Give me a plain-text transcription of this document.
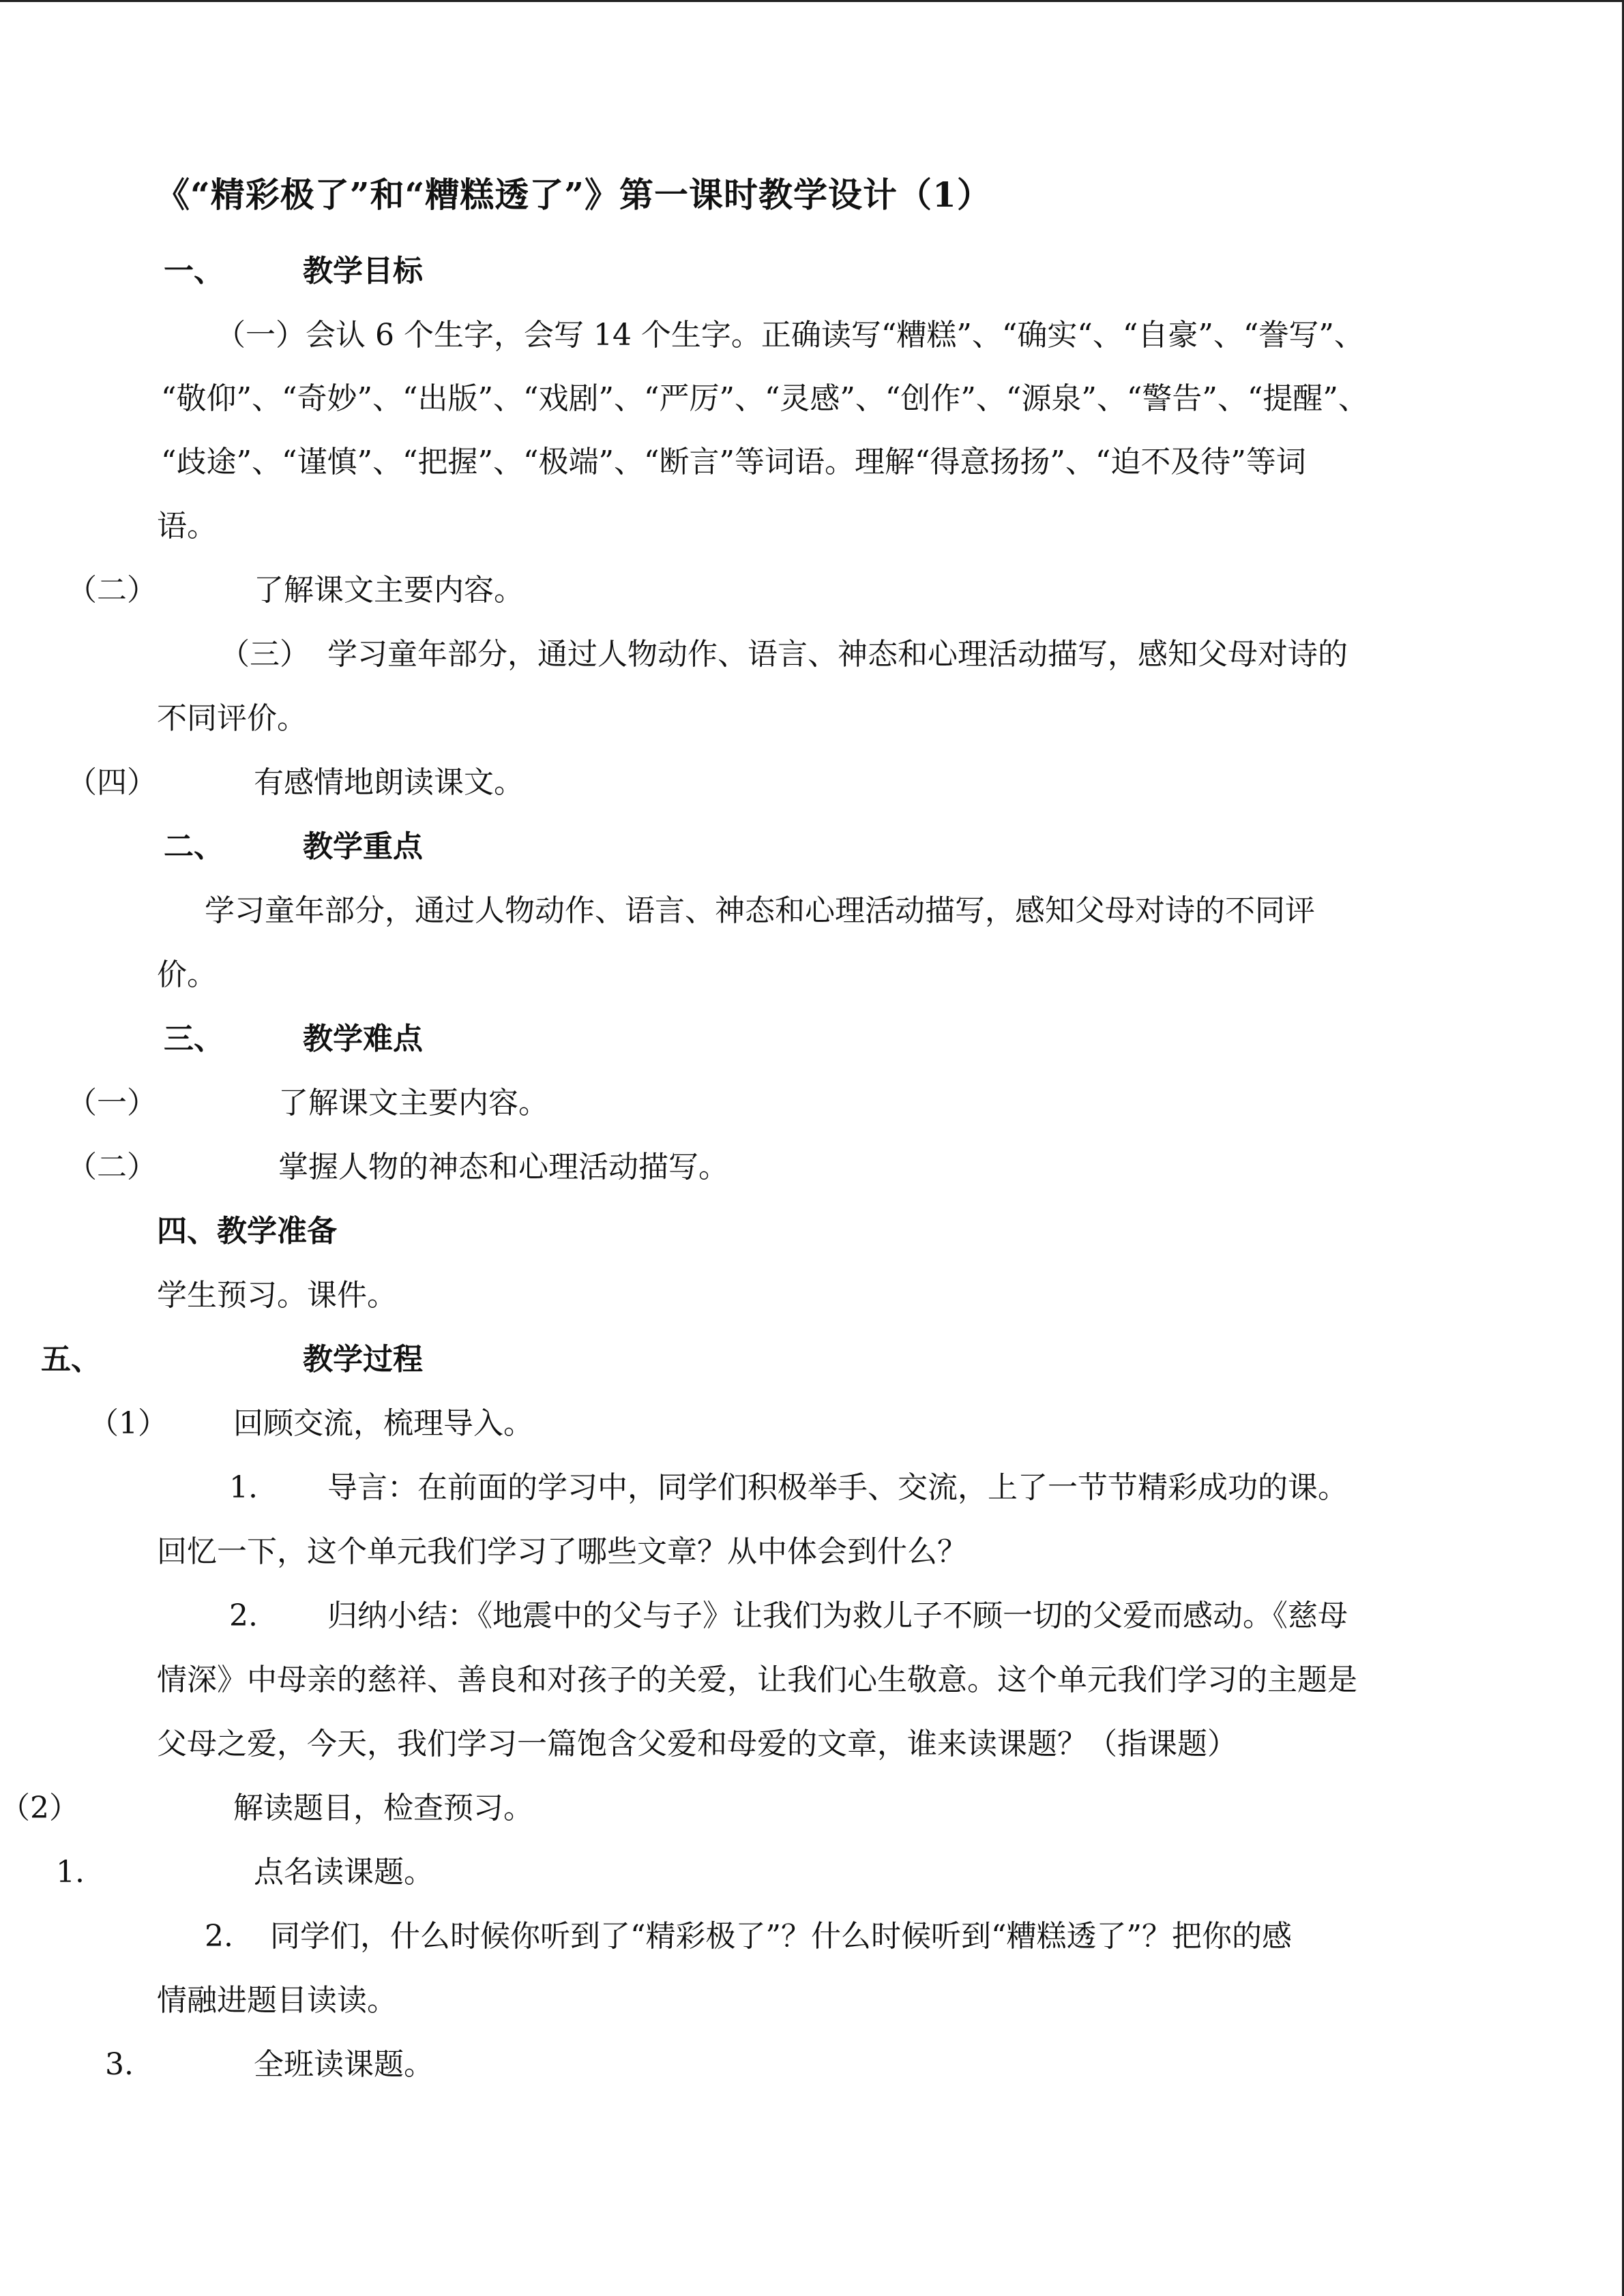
《“精彩极了”和“糟糕透了”》第一课时教学设计（1）
一、	教学目标
（一）会认 6 个生字，会写 14 个生字。正确读写“糟糕”、“确实“、“自豪”、“誊写”、
“敬仰”、“奇妙”、“出版”、“戏剧”、“严厉”、“灵感”、“创作”、“源泉”、“警告”、“提醒”、
“歧途”、“谨慎”、“把握”、“极端”、“断言”等词语。理解“得意扬扬”、“迫不及待”等词
语。
（二）	了解课文主要内容。
（三） 学习童年部分，通过人物动作、语言、神态和心理活动描写，感知父母对诗的
不同评价。
（四）	有感情地朗读课文。
二、	教学重点
学习童年部分，通过人物动作、语言、神态和心理活动描写，感知父母对诗的不同评
价。
三、	教学难点
（一）	了解课文主要内容。
（二）	掌握人物的神态和心理活动描写。
四、教学准备
学生预习。课件。
五、	教学过程
（1） 回顾交流，梳理导入。
1. 导言：在前面的学习中，同学们积极举手、交流，上了一节节精彩成功的课。
回忆一下，这个单元我们学习了哪些文章？从中体会到什么？
2. 归纳小结：《地震中的父与子》让我们为救儿子不顾一切的父爱而感动。《慈母
情深》中母亲的慈祥、善良和对孩子的关爱，让我们心生敬意。这个单元我们学习的主题是
父母之爱，今天，我们学习一篇饱含父爱和母爱的文章，谁来读课题？（指课题）
（2）	解读题目，检查预习。
1.	点名读课题。
2. 同学们，什么时候你听到了“精彩极了”？什么时候听到“糟糕透了”？把你的感
情融进题目读读。
3.	全班读课题。
